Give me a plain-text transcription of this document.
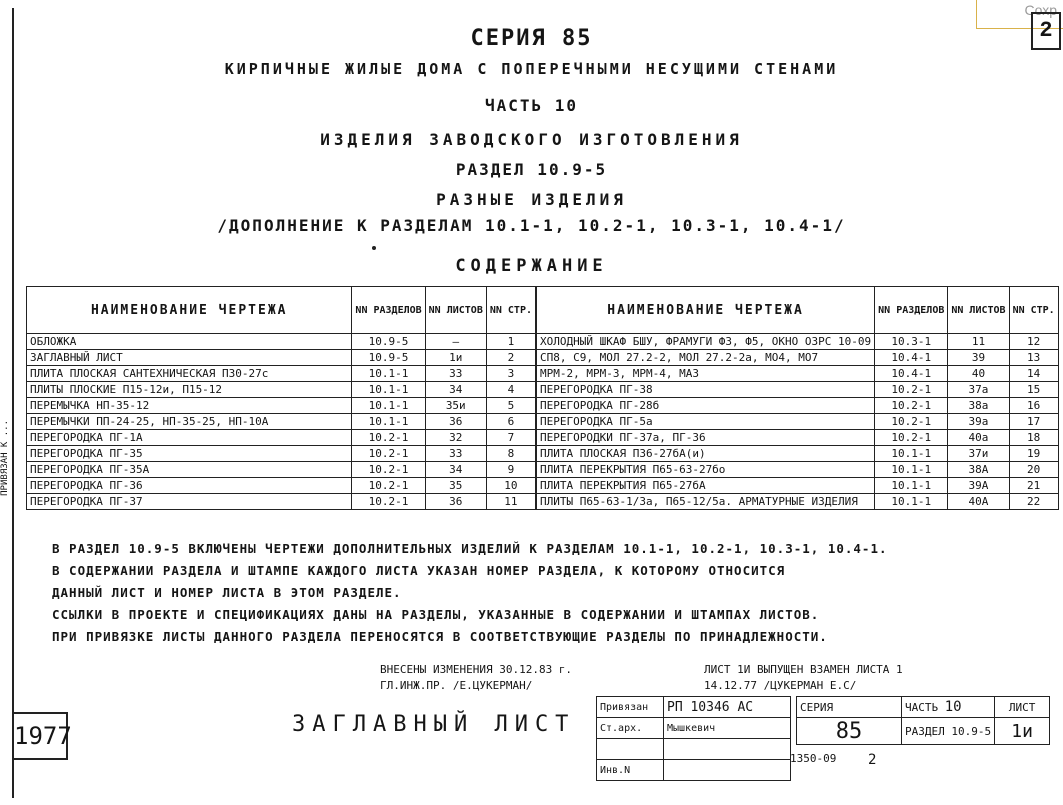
Сохр
2
СЕРИЯ 85
КИРПИЧНЫЕ ЖИЛЫЕ ДОМА С ПОПЕРЕЧНЫМИ НЕСУЩИМИ СТЕНАМИ
ЧАСТЬ 10
ИЗДЕЛИЯ ЗАВОДСКОГО ИЗГОТОВЛЕНИЯ
РАЗДЕЛ 10.9-5
РАЗНЫЕ ИЗДЕЛИЯ
/ДОПОЛНЕНИЕ К РАЗДЕЛАМ 10.1-1, 10.2-1, 10.3-1, 10.4-1/
СОДЕРЖАНИЕ
НАИМЕНОВАНИЕ ЧЕРТЕЖА	NN РАЗДЕЛОВ	NN ЛИСТОВ	NN СТР.
ОБЛОЖКА	10.9-5	—	1
ЗАГЛАВНЫЙ ЛИСТ	10.9-5	1и	2
ПЛИТА ПЛОСКАЯ САНТЕХНИЧЕСКАЯ П30-27с	10.1-1	33	3
ПЛИТЫ ПЛОСКИЕ П15-12и, П15-12	10.1-1	34	4
ПЕРЕМЫЧКА НП-35-12	10.1-1	35и	5
ПЕРЕМЫЧКИ ПП-24-25, НП-35-25, НП-10А	10.1-1	36	6
ПЕРЕГОРОДКА ПГ-1А	10.2-1	32	7
ПЕРЕГОРОДКА ПГ-35	10.2-1	33	8
ПЕРЕГОРОДКА ПГ-35А	10.2-1	34	9
ПЕРЕГОРОДКА ПГ-36	10.2-1	35	10
ПЕРЕГОРОДКА ПГ-37	10.2-1	36	11
НАИМЕНОВАНИЕ ЧЕРТЕЖА	NN РАЗДЕЛОВ	NN ЛИСТОВ	NN СТР.
ХОЛОДНЫЙ ШКАФ БШУ, ФРАМУГИ Ф3, Ф5, ОКНО ОЗРС 10-09	10.3-1	11	12
СП8, С9, МОЛ 27.2-2, МОЛ 27.2-2а, МО4, МО7	10.4-1	39	13
МРМ-2, МРМ-3, МРМ-4, МА3	10.4-1	40	14
ПЕРЕГОРОДКА ПГ-38	10.2-1	37а	15
ПЕРЕГОРОДКА ПГ-28б	10.2-1	38а	16
ПЕРЕГОРОДКА ПГ-5а	10.2-1	39а	17
ПЕРЕГОРОДКИ ПГ-37а, ПГ-36	10.2-1	40а	18
ПЛИТА ПЛОСКАЯ П36-27бА(и)	10.1-1	37и	19
ПЛИТА ПЕРЕКРЫТИЯ П65-63-27бо	10.1-1	38А	20
ПЛИТА ПЕРЕКРЫТИЯ П65-27бА	10.1-1	39А	21
ПЛИТЫ П65-63-1/3а, П65-12/5а. АРМАТУРНЫЕ ИЗДЕЛИЯ	10.1-1	40А	22
В РАЗДЕЛ 10.9-5 ВКЛЮЧЕНЫ ЧЕРТЕЖИ ДОПОЛНИТЕЛЬНЫХ ИЗДЕЛИЙ К РАЗДЕЛАМ 10.1-1, 10.2-1, 10.3-1, 10.4-1.
В СОДЕРЖАНИИ РАЗДЕЛА И ШТАМПЕ КАЖДОГО ЛИСТА УКАЗАН НОМЕР РАЗДЕЛА, К КОТОРОМУ ОТНОСИТСЯ
ДАННЫЙ ЛИСТ И НОМЕР ЛИСТА В ЭТОМ РАЗДЕЛЕ.
ССЫЛКИ В ПРОЕКТЕ И СПЕЦИФИКАЦИЯХ ДАНЫ НА РАЗДЕЛЫ, УКАЗАННЫЕ В СОДЕРЖАНИИ И ШТАМПАХ ЛИСТОВ.
ПРИ ПРИВЯЗКЕ ЛИСТЫ ДАННОГО РАЗДЕЛА ПЕРЕНОСЯТСЯ В СООТВЕТСТВУЮЩИЕ РАЗДЕЛЫ ПО ПРИНАДЛЕЖНОСТИ.
ВНЕСЕНЫ ИЗМЕНЕНИЯ 30.12.83 г.
ГЛ.ИНЖ.ПР. /Е.ЦУКЕРМАН/
ЛИСТ 1И ВЫПУЩЕН ВЗАМЕН ЛИСТА 1
14.12.77 /ЦУКЕРМАН Е.С/
ПРИВЯЗАН К ...
1977	ЗАГЛАВНЫЙ ЛИСТ
Привязан	РП 10346 АС
Ст.арх.	Мышкевич

Инв.N	
СЕРИЯ	ЧАСТЬ 10	ЛИСТ
85	РАЗДЕЛ 10.9-5	1и
1350-09 2
